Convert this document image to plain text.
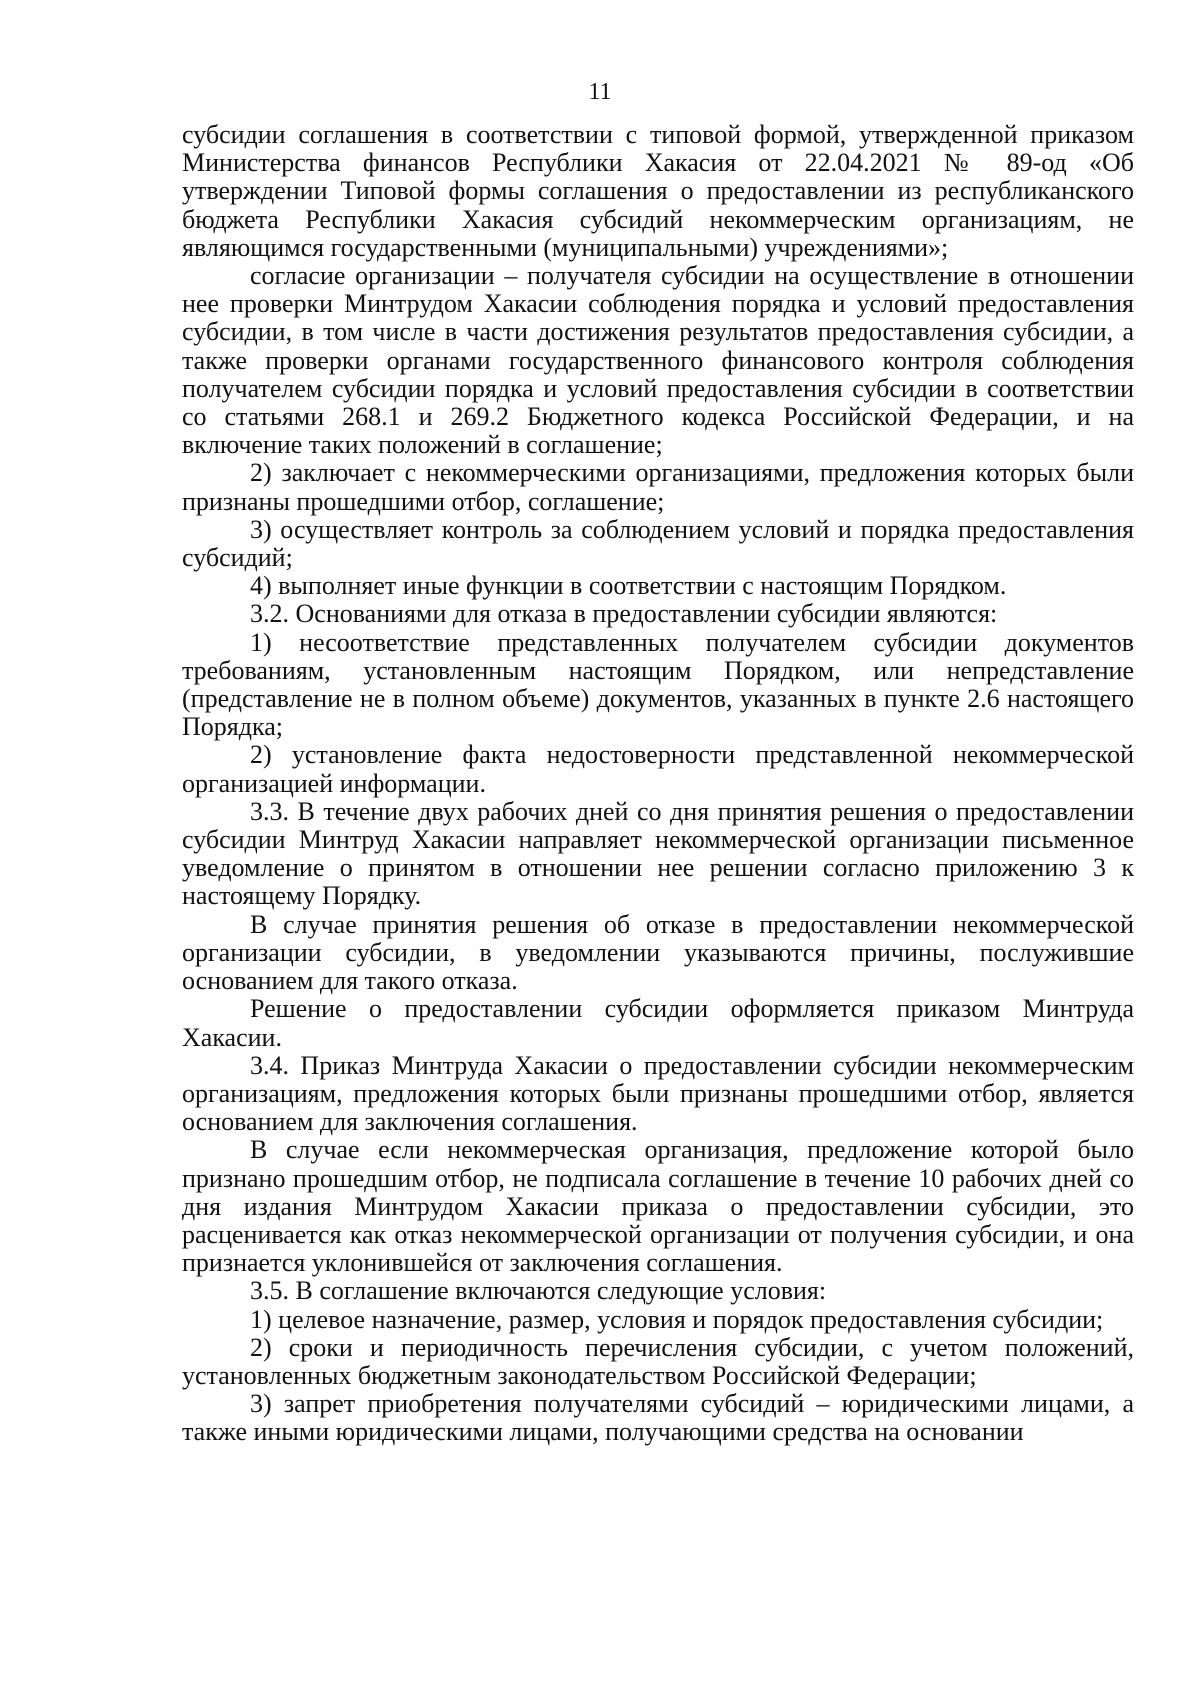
11

субсидии соглашения в соответствии с типовой формой, утвержденной приказом Министерства финансов Республики Хакасия от 22.04.2021 № 89-од «Об утверждении Типовой формы соглашения о предоставлении из республиканского бюджета Республики Хакасия субсидий некоммерческим организациям, не являющимся государственными (муниципальными) учреждениями»;

согласие организации – получателя субсидии на осуществление в отношении нее проверки Минтрудом Хакасии соблюдения порядка и условий предоставления субсидии, в том числе в части достижения результатов предоставления субсидии, а также проверки органами государственного финансового контроля соблюдения получателем субсидии порядка и условий предоставления субсидии в соответствии со статьями 268.1 и 269.2 Бюджетного кодекса Российской Федерации, и на включение таких положений в соглашение;

2) заключает с некоммерческими организациями, предложения которых были признаны прошедшими отбор, соглашение;

3) осуществляет контроль за соблюдением условий и порядка предоставления субсидий;

4) выполняет иные функции в соответствии с настоящим Порядком.

3.2. Основаниями для отказа в предоставлении субсидии являются:

1) несоответствие представленных получателем субсидии документов требованиям, установленным настоящим Порядком, или непредставление (представление не в полном объеме) документов, указанных в пункте 2.6 настоящего Порядка;

2) установление факта недостоверности представленной некоммерческой организацией информации.

3.3. В течение двух рабочих дней со дня принятия решения о предоставлении субсидии Минтруд Хакасии направляет некоммерческой организации письменное уведомление о принятом в отношении нее решении согласно приложению 3 к настоящему Порядку.

В случае принятия решения об отказе в предоставлении некоммерческой организации субсидии, в уведомлении указываются причины, послужившие основанием для такого отказа.

Решение о предоставлении субсидии оформляется приказом Минтруда Хакасии.

3.4. Приказ Минтруда Хакасии о предоставлении субсидии некоммерческим организациям, предложения которых были признаны прошедшими отбор, является основанием для заключения соглашения.

В случае если некоммерческая организация, предложение которой было признано прошедшим отбор, не подписала соглашение в течение 10 рабочих дней со дня издания Минтрудом Хакасии приказа о предоставлении субсидии, это расценивается как отказ некоммерческой организации от получения субсидии, и она признается уклонившейся от заключения соглашения.

3.5. В соглашение включаются следующие условия:

1) целевое назначение, размер, условия и порядок предоставления субсидии;

2) сроки и периодичность перечисления субсидии, с учетом положений, установленных бюджетным законодательством Российской Федерации;

3) запрет приобретения получателями субсидий – юридическими лицами, а также иными юридическими лицами, получающими средства на основании
